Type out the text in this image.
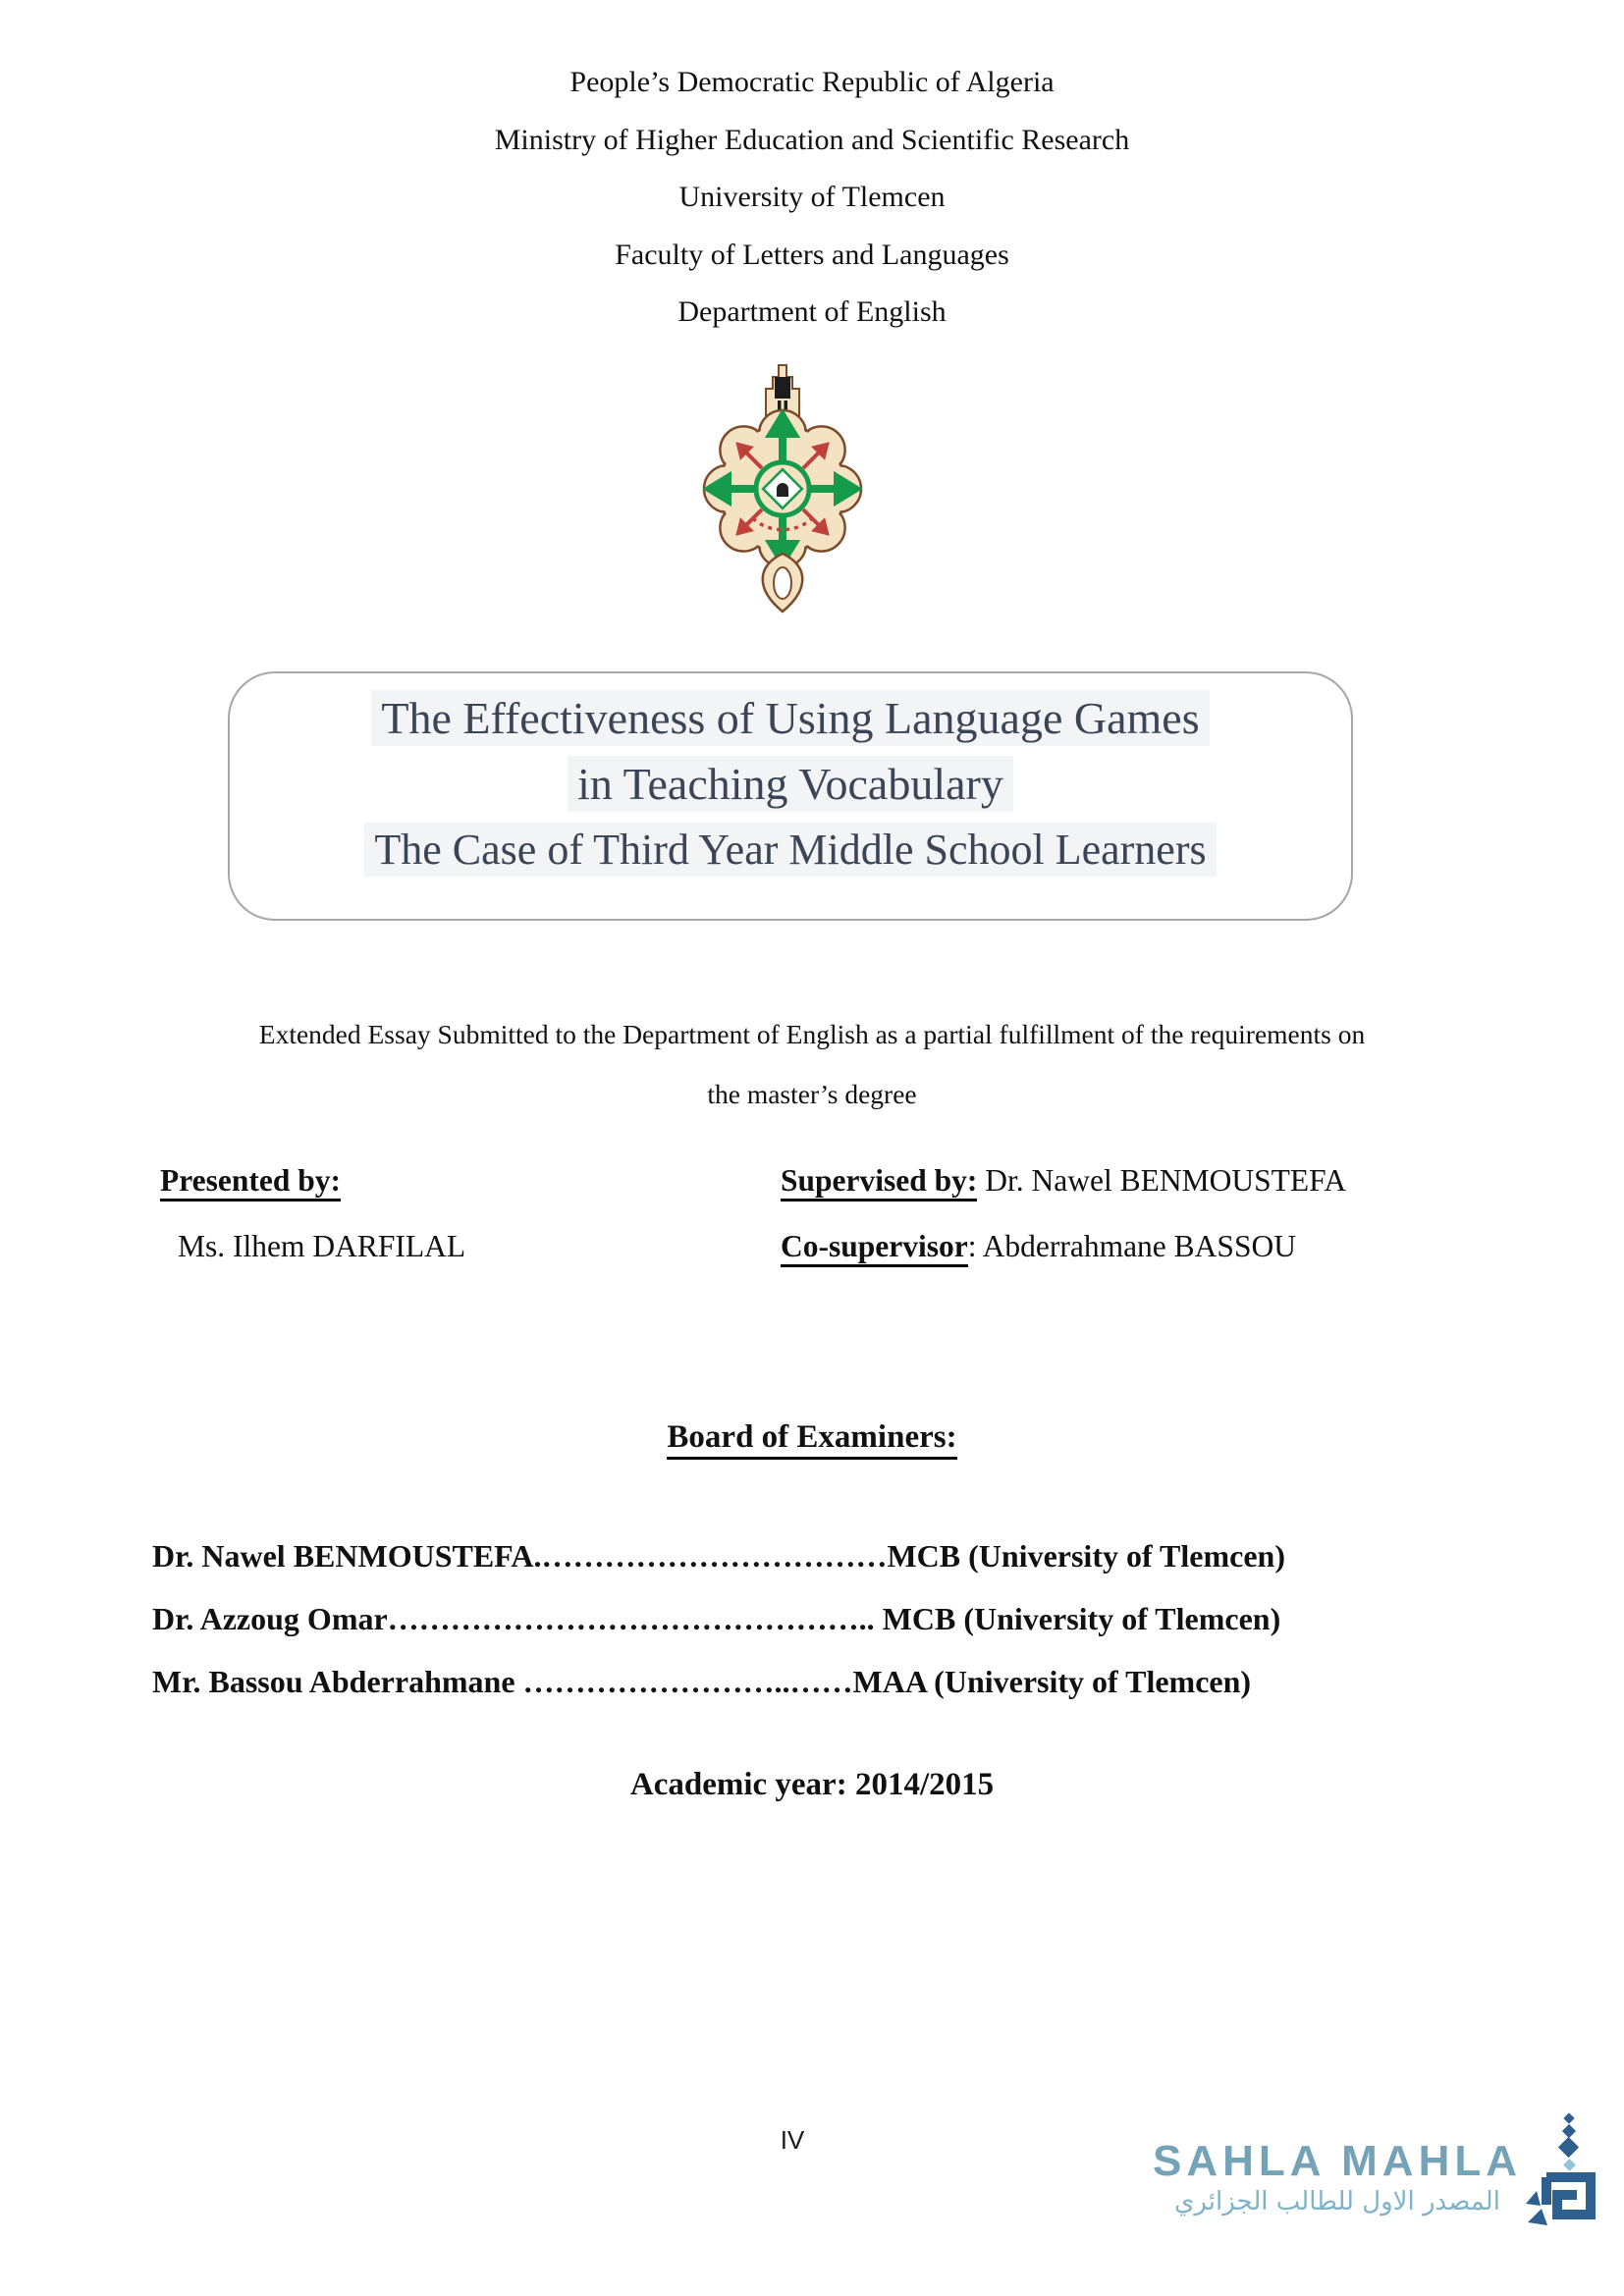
People’s Democratic Republic of Algeria
Ministry of Higher Education and Scientific Research
University of Tlemcen
Faculty of Letters and Languages
Department of English
The Effectiveness of Using Language Games
in Teaching Vocabulary
The Case of Third Year Middle School Learners
Extended Essay Submitted to the Department of English as a partial fulfillment of the requirements on
the master’s degree
Presented by:
Ms. Ilhem DARFILAL
Supervised by: Dr. Nawel BENMOUSTEFA
Co-supervisor: Abderrahmane BASSOU
Board of Examiners:
Dr. Nawel BENMOUSTEFA.……………………………MCB (University of Tlemcen)
Dr. Azzoug Omar……………………………………….. MCB (University of Tlemcen)
Mr. Bassou Abderrahmane ……………………..……MAA (University of Tlemcen)
Academic year: 2014/2015
IV	SAHLA MAHLA
المصدر الاول للطالب الجزائري
